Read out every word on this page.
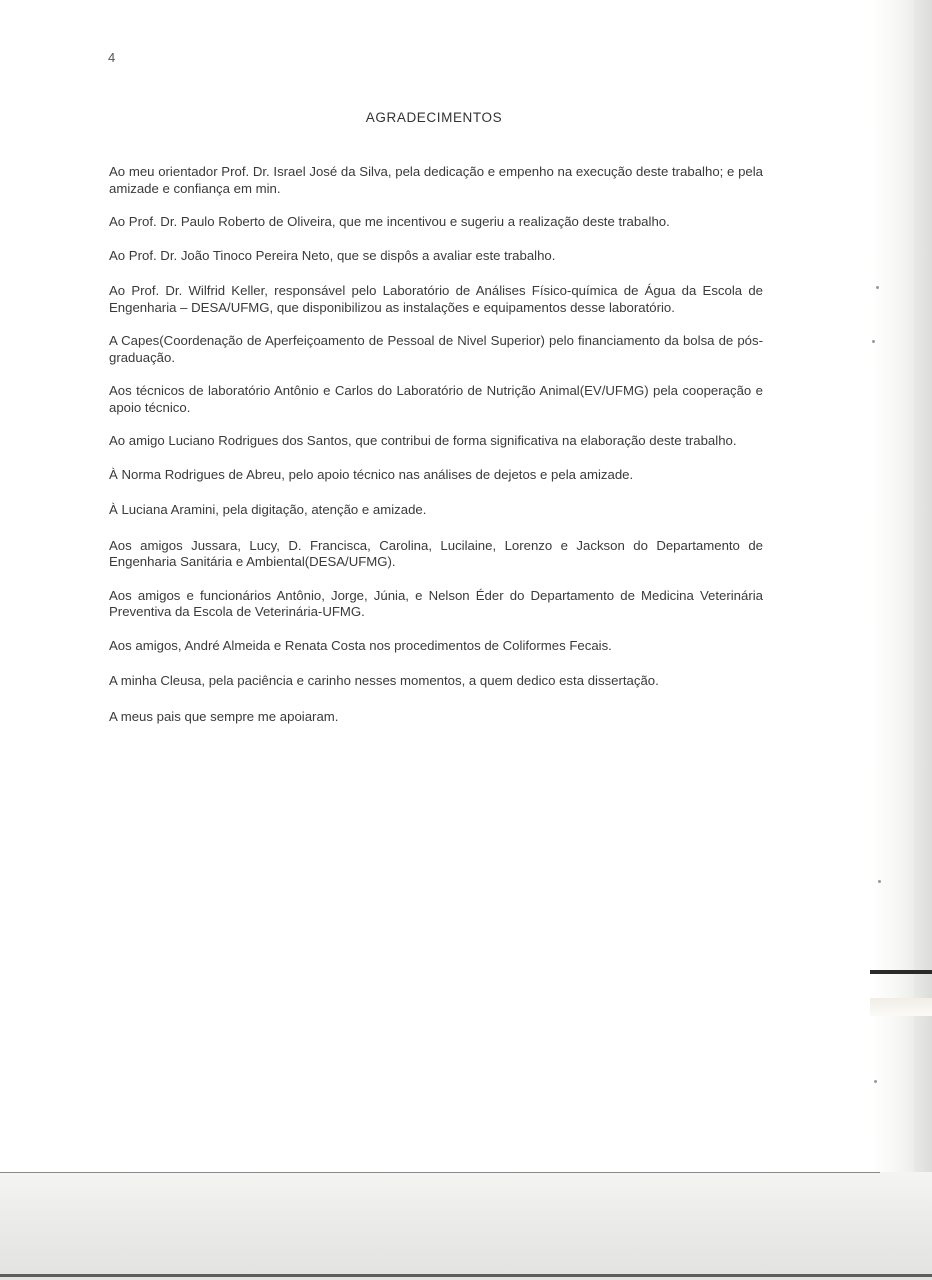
4
AGRADECIMENTOS

Ao meu orientador Prof. Dr. Israel José da Silva, pela dedicação e empenho na execução deste trabalho; e pela amizade e confiança em min.

Ao Prof. Dr. Paulo Roberto de Oliveira, que me incentivou e sugeriu a realização deste trabalho.

Ao Prof. Dr. João Tinoco Pereira Neto, que se dispôs a avaliar este trabalho.

Ao Prof. Dr. Wilfrid Keller, responsável pelo Laboratório de Análises Físico-química de Água da Escola de Engenharia – DESA/UFMG, que disponibilizou as instalações e equipamentos desse laboratório.

A Capes(Coordenação de Aperfeiçoamento de Pessoal de Nivel Superior) pelo financiamento da bolsa de pós-graduação.

Aos técnicos de laboratório Antônio e Carlos do Laboratório de Nutrição Animal(EV/UFMG) pela cooperação e apoio técnico.

Ao amigo Luciano Rodrigues dos Santos, que contribui de forma significativa na elaboração deste trabalho.

À Norma Rodrigues de Abreu, pelo apoio técnico nas análises de dejetos e pela amizade.

À Luciana Aramini, pela digitação, atenção e amizade.

Aos amigos Jussara, Lucy, D. Francisca, Carolina, Lucilaine, Lorenzo e Jackson do Departamento de Engenharia Sanitária e Ambiental(DESA/UFMG).

Aos amigos e funcionários Antônio, Jorge, Júnia, e Nelson Éder do Departamento de Medicina Veterinária Preventiva da Escola de Veterinária-UFMG.

Aos amigos, André Almeida e Renata Costa nos procedimentos de Coliformes Fecais.

A minha Cleusa, pela paciência e carinho nesses momentos, a quem dedico esta dissertação.

A meus pais que sempre me apoiaram.
